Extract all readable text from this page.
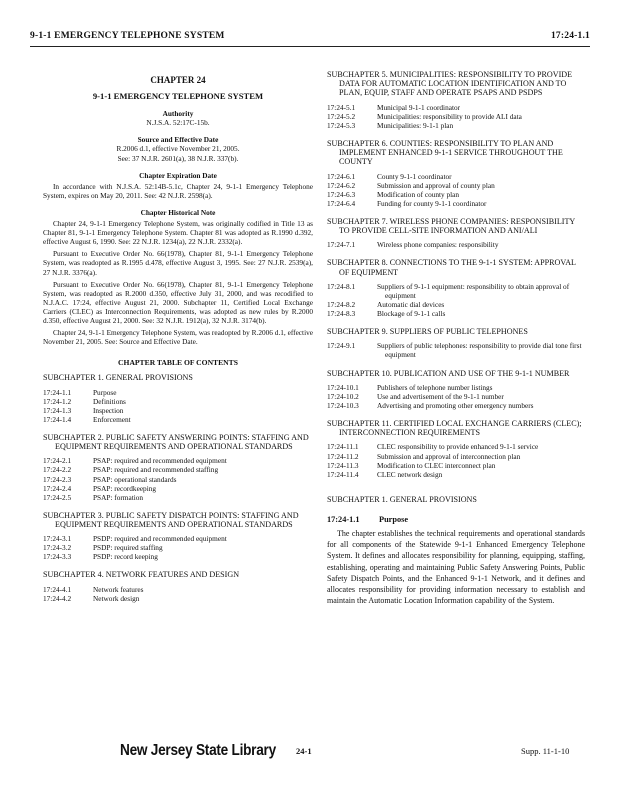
9-1-1 EMERGENCY TELEPHONE SYSTEM	17:24-1.1
CHAPTER 24
9-1-1 EMERGENCY TELEPHONE SYSTEM
Authority
N.J.S.A. 52:17C-15b.
Source and Effective Date
R.2006 d.1, effective November 21, 2005.
See: 37 N.J.R. 2601(a), 38 N.J.R. 337(b).
Chapter Expiration Date

In accordance with N.J.S.A. 52:14B-5.1c, Chapter 24, 9-1-1 Emergency Telephone System, expires on May 20, 2011. See: 42 N.J.R. 2598(a).

Chapter Historical Note

Chapter 24, 9-1-1 Emergency Telephone System, was originally codified in Title 13 as Chapter 81, 9-1-1 Emergency Telephone System. Chapter 81 was adopted as R.1990 d.392, effective August 6, 1990. See: 22 N.J.R. 1234(a), 22 N.J.R. 2332(a).

Pursuant to Executive Order No. 66(1978), Chapter 81, 9-1-1 Emergency Telephone System, was readopted as R.1995 d.478, effective August 3, 1995. See: 27 N.J.R. 2539(a), 27 N.J.R. 3376(a).

Pursuant to Executive Order No. 66(1978), Chapter 81, 9-1-1 Emergency Telephone System, was readopted as R.2000 d.350, effective July 31, 2000, and was recodified to N.J.A.C. 17:24, effective August 21, 2000. Subchapter 11, Certified Local Exchange Carriers (CLEC) as Interconnection Requirements, was adopted as new rules by R.2000 d.350, effective August 21, 2000. See: 32 N.J.R. 1912(a), 32 N.J.R. 3174(b).

Chapter 24, 9-1-1 Emergency Telephone System, was readopted by R.2006 d.1, effective November 21, 2005. See: Source and Effective Date.

CHAPTER TABLE OF CONTENTS
SUBCHAPTER 1. GENERAL PROVISIONS
17:24-1.1	Purpose
17:24-1.2	Definitions
17:24-1.3	Inspection
17:24-1.4	Enforcement
SUBCHAPTER 2. PUBLIC SAFETY ANSWERING POINTS: STAFFING AND EQUIPMENT REQUIREMENTS AND OPERATIONAL STANDARDS
17:24-2.1	PSAP: required and recommended equipment
17:24-2.2	PSAP: required and recommended staffing
17:24-2.3	PSAP: operational standards
17:24-2.4	PSAP: recordkeeping
17:24-2.5	PSAP: formation
SUBCHAPTER 3. PUBLIC SAFETY DISPATCH POINTS: STAFFING AND EQUIPMENT REQUIREMENTS AND OPERATIONAL STANDARDS
17:24-3.1	PSDP: required and recommended equipment
17:24-3.2	PSDP: required staffing
17:24-3.3	PSDP: record keeping
SUBCHAPTER 4. NETWORK FEATURES AND DESIGN
17:24-4.1	Network features
17:24-4.2	Network design
SUBCHAPTER 5. MUNICIPALITIES: RESPONSIBILITY TO PROVIDE DATA FOR AUTOMATIC LOCATION IDENTIFICATION AND TO PLAN, EQUIP, STAFF AND OPERATE PSAPS AND PSDPS
17:24-5.1	Municipal 9-1-1 coordinator
17:24-5.2	Municipalities: responsibility to provide ALI data
17:24-5.3	Municipalities: 9-1-1 plan
SUBCHAPTER 6. COUNTIES: RESPONSIBILITY TO PLAN AND IMPLEMENT ENHANCED 9-1-1 SERVICE THROUGHOUT THE COUNTY
17:24-6.1	County 9-1-1 coordinator
17:24-6.2	Submission and approval of county plan
17:24-6.3	Modification of county plan
17:24-6.4	Funding for county 9-1-1 coordinator
SUBCHAPTER 7. WIRELESS PHONE COMPANIES: RESPONSIBILITY TO PROVIDE CELL-SITE INFORMATION AND ANI/ALI
17:24-7.1	Wireless phone companies: responsibility
SUBCHAPTER 8. CONNECTIONS TO THE 9-1-1 SYSTEM: APPROVAL OF EQUIPMENT
17:24-8.1	Suppliers of 9-1-1 equipment: responsibility to obtain approval of equipment
17:24-8.2	Automatic dial devices
17:24-8.3	Blockage of 9-1-1 calls
SUBCHAPTER 9. SUPPLIERS OF PUBLIC TELEPHONES
17:24-9.1	Suppliers of public telephones: responsibility to provide dial tone first equipment
SUBCHAPTER 10. PUBLICATION AND USE OF THE 9-1-1 NUMBER
17:24-10.1	Publishers of telephone number listings
17:24-10.2	Use and advertisement of the 9-1-1 number
17:24-10.3	Advertising and promoting other emergency numbers
SUBCHAPTER 11. CERTIFIED LOCAL EXCHANGE CARRIERS (CLEC); INTERCONNECTION REQUIREMENTS
17:24-11.1	CLEC responsibility to provide enhanced 9-1-1 service
17:24-11.2	Submission and approval of interconnection plan
17:24-11.3	Modification to CLEC interconnect plan
17:24-11.4	CLEC network design
SUBCHAPTER 1. GENERAL PROVISIONS
17:24-1.1 Purpose

The chapter establishes the technical requirements and operational standards for all components of the Statewide 9-1-1 Enhanced Emergency Telephone System. It defines and allocates responsibility for planning, equipping, staffing, establishing, operating and maintaining Public Safety Answering Points, Public Safety Dispatch Points, and the Enhanced 9-1-1 Network, and it defines and allocates responsibility for providing information necessary to establish and maintain the Automatic Location Information capability of the System.

New Jersey State Library 24-1	Supp. 11-1-10
